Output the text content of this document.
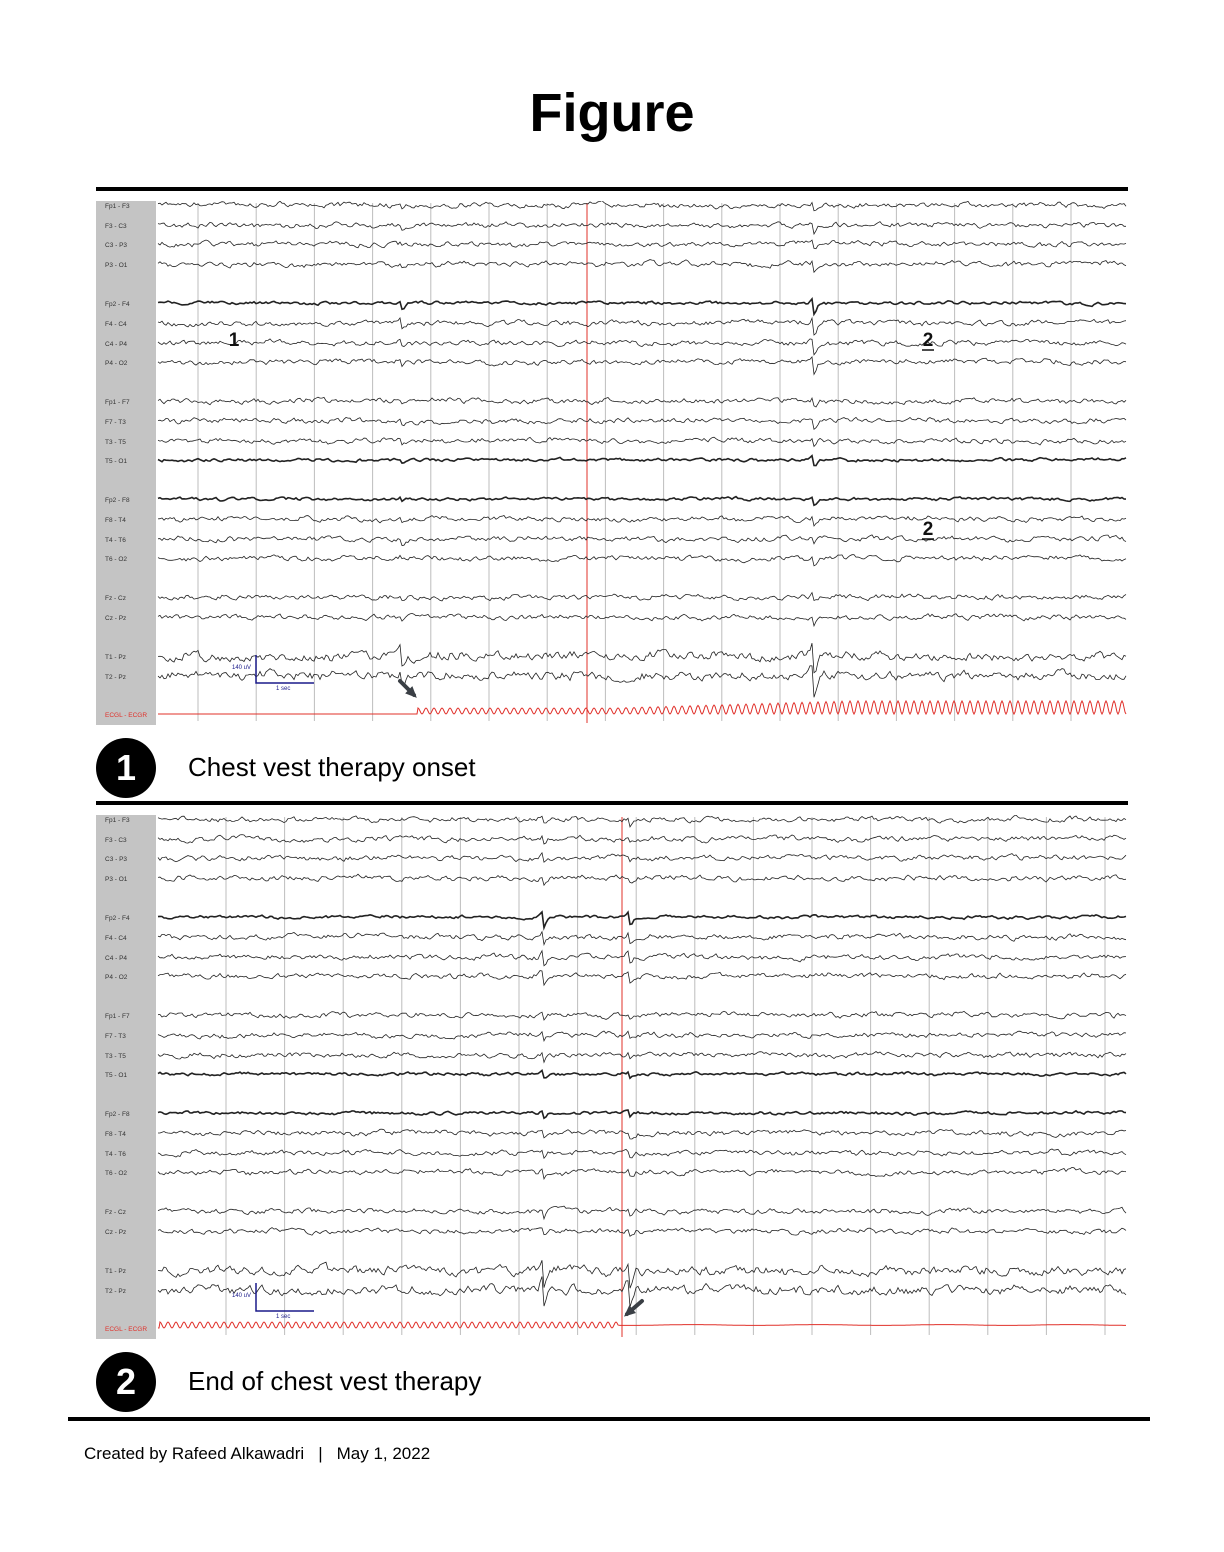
Figure
Fp1 - F3
F3 - C3
C3 - P3
P3 - O1
Fp2 - F4
F4 - C4
C4 - P4
P4 - O2
Fp1 - F7
F7 - T3
T3 - T5
T5 - O1
Fp2 - F8
F8 - T4
T4 - T6
T6 - O2
Fz - Cz
Cz - Pz
T1 - Pz
T2 - Pz
ECGL - ECGR
140 uV
1 sec
1	2
2
1	Chest vest therapy onset
Fp1 - F3
F3 - C3
C3 - P3
P3 - O1
Fp2 - F4
F4 - C4
C4 - P4
P4 - O2
Fp1 - F7
F7 - T3
T3 - T5
T5 - O1
Fp2 - F8
F8 - T4
T4 - T6
T6 - O2
Fz - Cz
Cz - Pz
T1 - Pz
T2 - Pz
ECGL - ECGR
140 uV
1 sec
2	End of chest vest therapy
Created by Rafeed Alkawadri | May 1, 2022
